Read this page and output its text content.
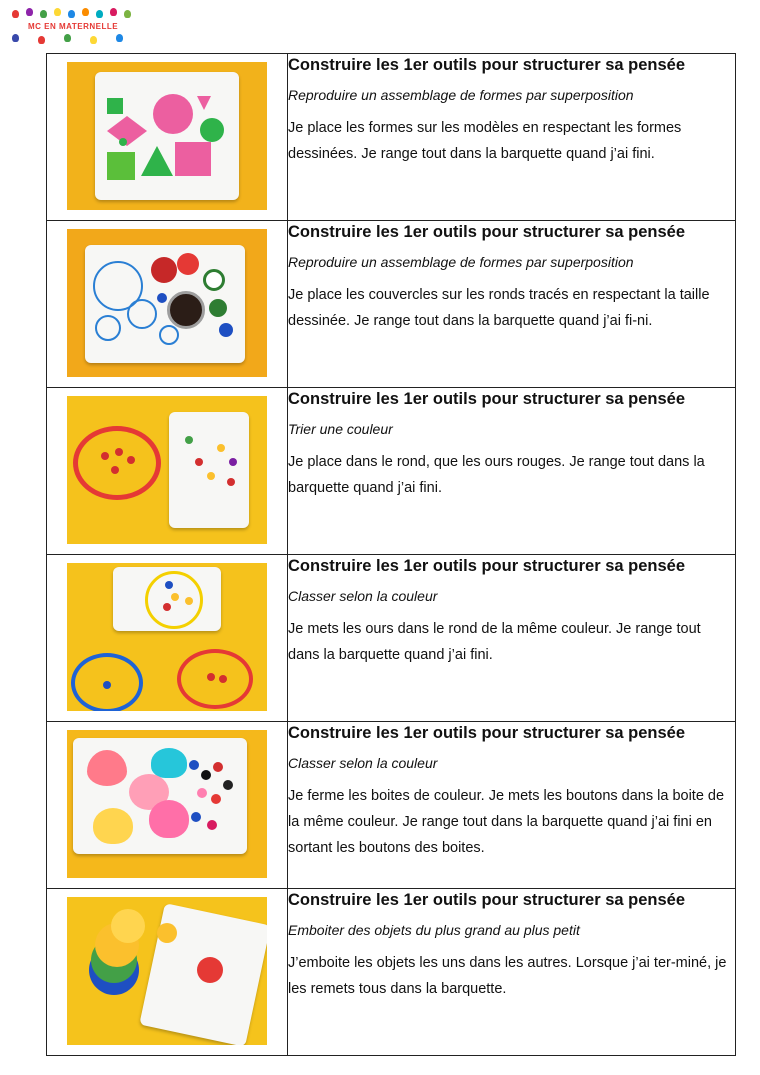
MC EN MATERNELLE

	Construire les 1er outils pour structurer sa pensée

Reproduire un assemblage de formes par superposition

Je place les formes sur les modèles en respectant les formes dessinées. Je range tout dans la barquette quand j’ai fini.

	Construire les 1er outils pour structurer sa pensée

Reproduire un assemblage de formes par superposition

Je place les couvercles sur les ronds tracés en respectant la taille dessinée. Je range tout dans la barquette quand j’ai fi-ni.

	Construire les 1er outils pour structurer sa pensée

Trier une couleur

Je place dans le rond, que les ours rouges. Je range tout dans la barquette quand j’ai fini.

	Construire les 1er outils pour structurer sa pensée

Classer selon la couleur

Je mets les ours dans le rond de la même couleur. Je range tout dans la barquette quand j’ai fini.

	Construire les 1er outils pour structurer sa pensée

Classer selon la couleur

Je ferme les boites de couleur. Je mets les boutons dans la boite de la même couleur. Je range tout dans la barquette quand j’ai fini en sortant les boutons des boites.

	Construire les 1er outils pour structurer sa pensée

Emboiter des objets du plus grand au plus petit

J’emboite les objets les uns dans les autres. Lorsque j’ai ter-miné, je les remets tous dans la barquette.
